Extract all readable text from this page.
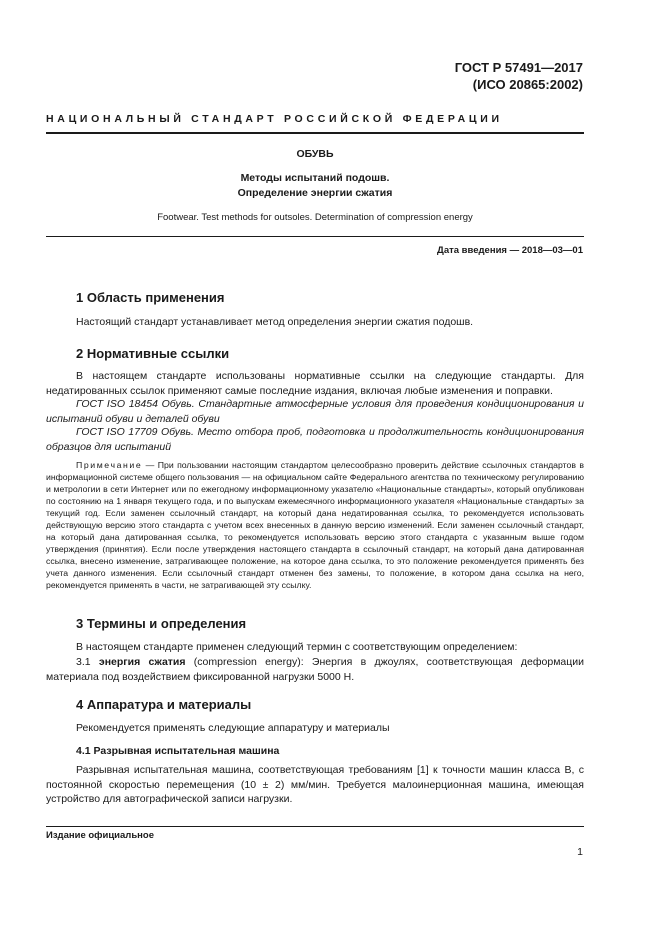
ГОСТ Р 57491—2017
(ИСО 20865:2002)
НАЦИОНАЛЬНЫЙ СТАНДАРТ РОССИЙСКОЙ ФЕДЕРАЦИИ
ОБУВЬ
Методы испытаний подошв.
Определение энергии сжатия
Footwear. Test methods for outsoles. Determination of compression energy
Дата введения — 2018—03—01
1 Область применения

Настоящий стандарт устанавливает метод определения энергии сжатия подошв.

2 Нормативные ссылки

В настоящем стандарте использованы нормативные ссылки на следующие стандарты. Для недатированных ссылок применяют самые последние издания, включая любые изменения и поправки.

ГОСТ ISO 18454 Обувь. Стандартные атмосферные условия для проведения кондиционирования и испытаний обуви и деталей обуви

ГОСТ ISO 17709 Обувь. Место отбора проб, подготовка и продолжительность кондиционирования образцов для испытаний

Примечание — При пользовании настоящим стандартом целесообразно проверить действие ссылочных стандартов в информационной системе общего пользования — на официальном сайте Федерального агентства по техническому регулированию и метрологии в сети Интернет или по ежегодному информационному указателю «Национальные стандарты», который опубликован по состоянию на 1 января текущего года, и по выпускам ежемесячного информационного указателя «Национальные стандарты» за текущий год. Если заменен ссылочный стандарт, на который дана недатированная ссылка, то рекомендуется использовать действующую версию этого стандарта с учетом всех внесенных в данную версию изменений. Если заменен ссылочный стандарт, на который дана датированная ссылка, то рекомендуется использовать версию этого стандарта с указанным выше годом утверждения (принятия). Если после утверждения настоящего стандарта в ссылочный стандарт, на который дана датированная ссылка, внесено изменение, затрагивающее положение, на которое дана ссылка, то это положение рекомендуется применять без учета данного изменения. Если ссылочный стандарт отменен без замены, то положение, в котором дана ссылка на него, рекомендуется применять в части, не затрагивающей эту ссылку.

3 Термины и определения

В настоящем стандарте применен следующий термин с соответствующим определением:

3.1 энергия сжатия (compression energy): Энергия в джоулях, соответствующая деформации материала под воздействием фиксированной нагрузки 5000 Н.

4 Аппаратура и материалы

Рекомендуется применять следующие аппаратуру и материалы

4.1 Разрывная испытательная машина

Разрывная испытательная машина, соответствующая требованиям [1] к точности машин класса В, с постоянной скоростью перемещения (10 ± 2) мм/мин. Требуется малоинерционная машина, имеющая устройство для автографической записи нагрузки.

Издание официальное
1
